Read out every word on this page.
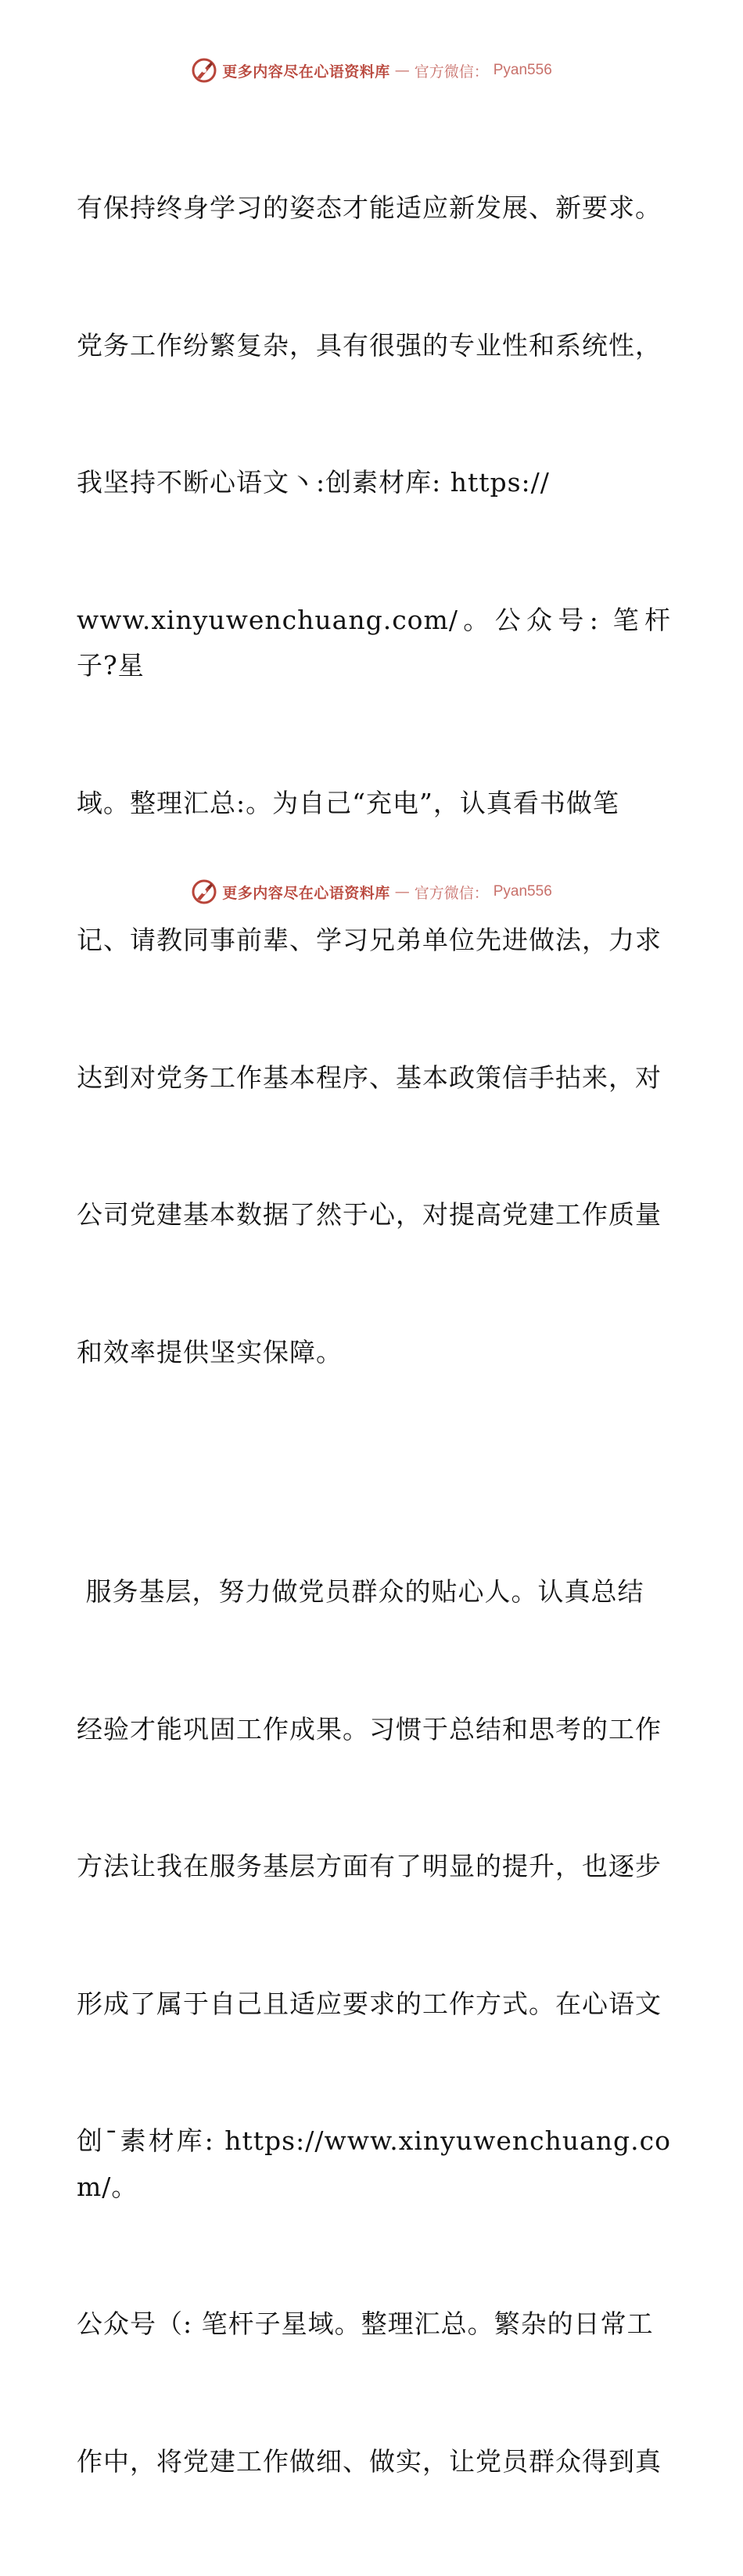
更多内容尽在心语资料库 — 官方微信： Pyan556

有保持终身学习的姿态才能适应新发展、新要求。

党务工作纷繁复杂，具有很强的专业性和系统性，

我坚持不断心语文丶:创素材库: https://

www.xinyuwenchuang.com/。公众号: 笔杆子?星

域。整理汇总:。为自己“充电”，认真看书做笔

记、请教同事前辈、学习兄弟单位先进做法，力求

达到对党务工作基本程序、基本政策信手拈来，对

公司党建基本数据了然于心，对提高党建工作质量

和效率提供坚实保障。

服务基层，努力做党员群众的贴心人。认真总结

经验才能巩固工作成果。习惯于总结和思考的工作

方法让我在服务基层方面有了明显的提升，也逐步

形成了属于自己且适应要求的工作方式。在心语文

创¯素材库: https://www.xinyuwenchuang.com/。

公众号（: 笔杆子星域。整理汇总。繁杂的日常工

作中，将党建工作做细、做实，让党员群众得到真

更多内容尽在心语资料库 — 官方微信： Pyan556
